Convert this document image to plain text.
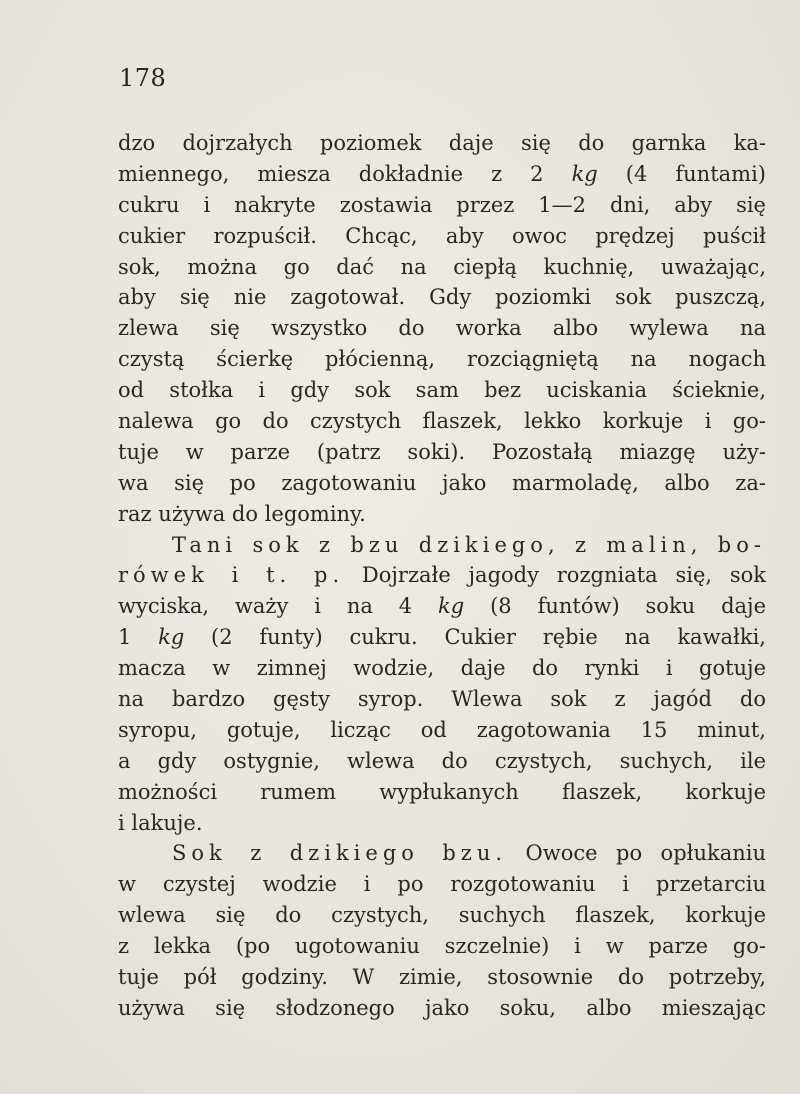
178
dzo dojrzałych poziomek daje się do garnka ka-
miennego, miesza dokładnie z 2 kg (4 funtami)
cukru i nakryte zostawia przez 1—2 dni, aby się
cukier rozpuścił. Chcąc, aby owoc prędzej puścił
sok, można go dać na ciepłą kuchnię, uważając,
aby się nie zagotował. Gdy poziomki sok puszczą,
zlewa się wszystko do worka albo wylewa na
czystą ścierkę płócienną, rozciągniętą na nogach
od stołka i gdy sok sam bez uciskania ścieknie,
nalewa go do czystych flaszek, lekko korkuje i go-
tuje w parze (patrz soki). Pozostałą miazgę uży-
wa się po zagotowaniu jako marmoladę, albo za-
raz używa do legominy.
Tani sok z bzu dzikiego, z malin, bo-
rówek i t. p. Dojrzałe jagody rozgniata się, sok
wyciska, waży i na 4 kg (8 funtów) soku daje
1 kg (2 funty) cukru. Cukier rębie na kawałki,
macza w zimnej wodzie, daje do rynki i gotuje
na bardzo gęsty syrop. Wlewa sok z jagód do
syropu, gotuje, licząc od zagotowania 15 minut,
a gdy ostygnie, wlewa do czystych, suchych, ile
możności rumem wypłukanych flaszek, korkuje
i lakuje.
Sok z dzikiego bzu. Owoce po opłukaniu
w czystej wodzie i po rozgotowaniu i przetarciu
wlewa się do czystych, suchych flaszek, korkuje
z lekka (po ugotowaniu szczelnie) i w parze go-
tuje pół godziny. W zimie, stosownie do potrzeby,
używa się słodzonego jako soku, albo mieszając
